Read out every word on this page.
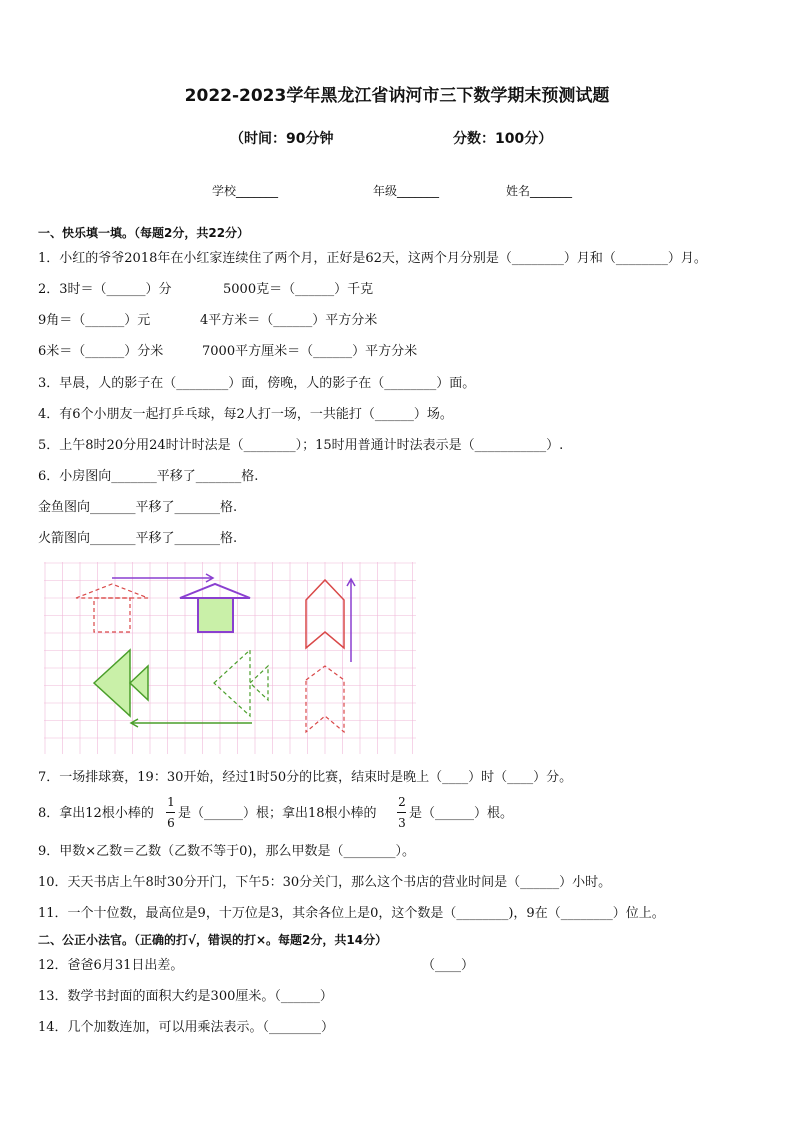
2022-2023学年黑龙江省讷河市三下数学期末预测试题
（时间：90分钟	分数：100分）
学校_______	年级_______	姓名_______
一、快乐填一填。（每题2分，共22分）
1．小红的爷爷2018年在小红家连续住了两个月，正好是62天，这两个月分别是（________）月和（________）月。
2．3时＝（______）分	5000克＝（______）千克
9角＝（______）元	4平方米＝（______）平方分米
6米＝（______）分米	7000平方厘米＝（______）平方分米
3．早晨，人的影子在（________）面，傍晚，人的影子在（________）面。
4．有6个小朋友一起打乒乓球，每2人打一场，一共能打（______）场。
5．上午8时20分用24时计时法是（________）；15时用普通计时法表示是（___________）.
6．小房图向_______平移了_______格.
金鱼图向_______平移了_______格.
火箭图向_______平移了_______格.
7．一场排球赛，19：30开始，经过1时50分的比赛，结束时是晚上（____）时（____）分。
8．拿出12根小棒的
1
6
是（______）根；拿出18根小棒的
2
3
是（______）根。
9．甲数×乙数＝乙数（乙数不等于0)，那么甲数是（________）。
10．天天书店上午8时30分开门，下午5：30分关门，那么这个书店的营业时间是（______）小时。
11．一个十位数，最高位是9，十万位是3，其余各位上是0，这个数是（________)，9在（________）位上。
二、公正小法官。（正确的打√，错误的打×。每题2分，共14分）
12．爸爸6月31日出差。	（____）
13．数学书封面的面积大约是300厘米。（______）
14．几个加数连加，可以用乘法表示。（________）
